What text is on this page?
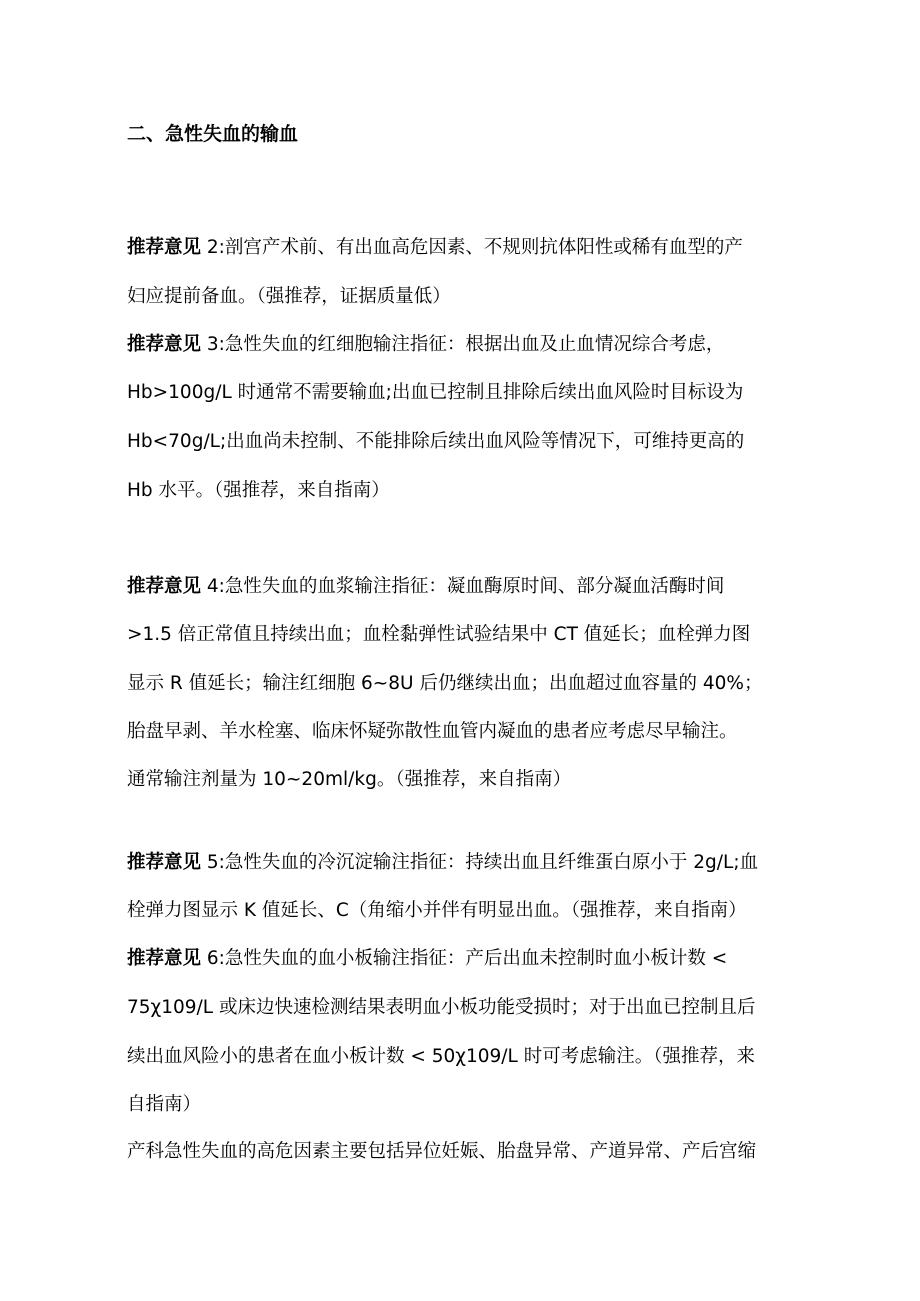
二、急性失血的输血
推荐意见 2:剖宫产术前、有出血高危因素、不规则抗体阳性或稀有血型的产
妇应提前备血。（强推荐，证据质量低）
推荐意见 3:急性失血的红细胞输注指征：根据出血及止血情况综合考虑，
Hb>100g/L 时通常不需要输血;出血已控制且排除后续出血风险时目标设为
Hb<70g/L;出血尚未控制、不能排除后续出血风险等情况下，可维持更高的
Hb 水平。（强推荐，来自指南）
推荐意见 4:急性失血的血浆输注指征：凝血酶原时间、部分凝血活酶时间
>1.5 倍正常值且持续出血；血栓黏弹性试验结果中 CT 值延长；血栓弹力图
显示 R 值延长；输注红细胞 6~8U 后仍继续出血；出血超过血容量的 40%；
胎盘早剥、羊水栓塞、临床怀疑弥散性血管内凝血的患者应考虑尽早输注。
通常输注剂量为 10~20ml/kg。（强推荐，来自指南）
推荐意见 5:急性失血的冷沉淀输注指征：持续出血且纤维蛋白原小于 2g/L;血
栓弹力图显示 K 值延长、C（角缩小并伴有明显出血。（强推荐，来自指南）
推荐意见 6:急性失血的血小板输注指征：产后出血未控制时血小板计数 <
75χ109/L 或床边快速检测结果表明血小板功能受损时；对于出血已控制且后
续出血风险小的患者在血小板计数 < 50χ109/L 时可考虑输注。（强推荐，来
自指南）
产科急性失血的高危因素主要包括异位妊娠、胎盘异常、产道异常、产后宫缩
